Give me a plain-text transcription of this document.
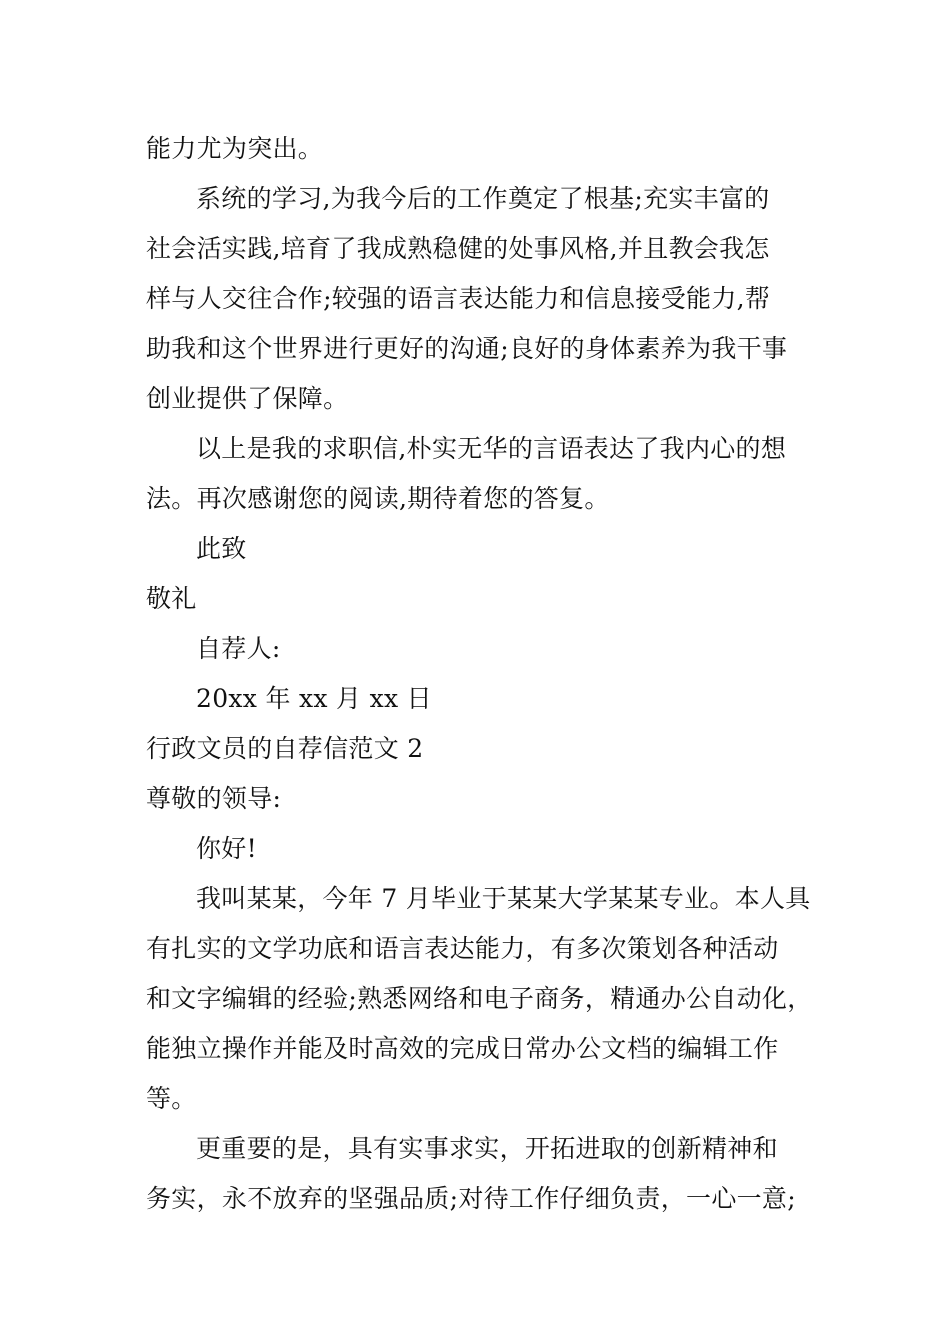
能力尤为突出。
系统的学习,为我今后的工作奠定了根基;充实丰富的
社会活实践,培育了我成熟稳健的处事风格,并且教会我怎
样与人交往合作;较强的语言表达能力和信息接受能力,帮
助我和这个世界进行更好的沟通;良好的身体素养为我干事
创业提供了保障。
以上是我的求职信,朴实无华的言语表达了我内心的想
法。再次感谢您的阅读,期待着您的答复。
此致
敬礼
自荐人:
20xx 年 xx 月 xx 日
行政文员的自荐信范文 2
尊敬的领导:
你好!
我叫某某，今年 7 月毕业于某某大学某某专业。本人具
有扎实的文学功底和语言表达能力，有多次策划各种活动
和文字编辑的经验;熟悉网络和电子商务，精通办公自动化，
能独立操作并能及时高效的完成日常办公文档的编辑工作
等。
更重要的是，具有实事求实，开拓进取的创新精神和
务实，永不放弃的坚强品质;对待工作仔细负责，一心一意;
